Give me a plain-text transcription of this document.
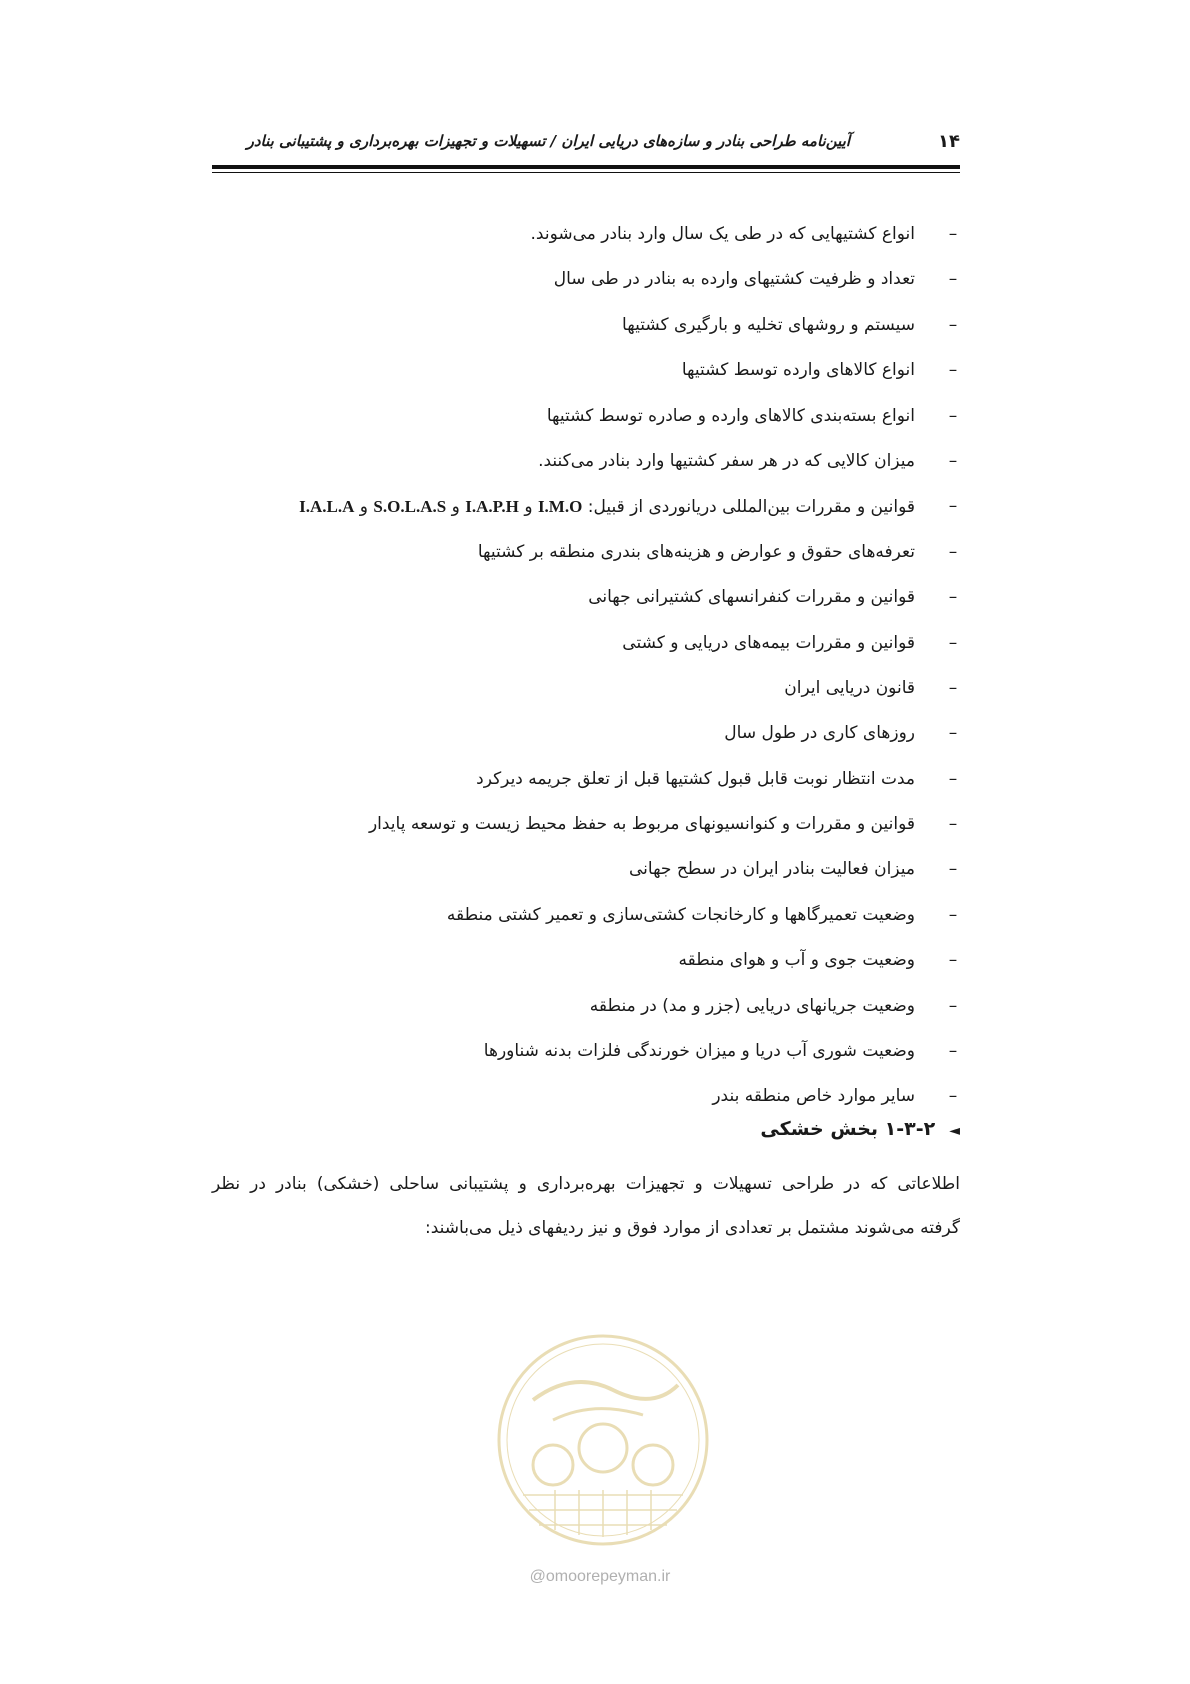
آیین‌نامه طراحی بنادر و سازه‌های دریایی ایران / تسهیلات و تجهیزات بهره‌برداری و پشتیبانی بنادر	۱۴
–
انواع کشتیهایی که در طی یک سال وارد بنادر می‌شوند.
–
تعداد و ظرفیت کشتیهای وارده به بنادر در طی سال
–
سیستم و روشهای تخلیه و بارگیری کشتیها
–
انواع کالاهای وارده توسط کشتیها
–
انواع بسته‌بندی کالاهای وارده و صادره توسط کشتیها
–
میزان کالایی که در هر سفر کشتیها وارد بنادر می‌کنند.
–
قوانین و مقررات بین‌المللی دریانوردی از قبیل: I.M.O و I.A.P.H و S.O.L.A.S و I.A.L.A
–
تعرفه‌های حقوق و عوارض و هزینه‌های بندری منطقه بر کشتیها
–
قوانین و مقررات کنفرانسهای کشتیرانی جهانی
–
قوانین و مقررات بیمه‌های دریایی و کشتی
–
قانون دریایی ایران
–
روزهای کاری در طول سال
–
مدت انتظار نوبت قابل قبول کشتیها قبل از تعلق جریمه دیرکرد
–
قوانین و مقررات و کنوانسیونهای مربوط به حفظ محیط زیست و توسعه پایدار
–
میزان فعالیت بنادر ایران در سطح جهانی
–
وضعیت تعمیرگاهها و کارخانجات کشتی‌سازی و تعمیر کشتی منطقه
–
وضعیت جوی و آب و هوای منطقه
–
وضعیت جریانهای دریایی (جزر و مد) در منطقه
–
وضعیت شوری آب دریا و میزان خورندگی فلزات بدنه شناورها
–
سایر موارد خاص منطقه بندر
◄۱-۳-۲ بخش خشکی
اطلاعاتی که در طراحی تسهیلات و تجهیزات بهره‌برداری و پشتیبانی ساحلی (خشکی) بنادر در نظر
گرفته می‌شوند مشتمل بر تعدادی از موارد فوق و نیز ردیفهای ذیل می‌باشند:
@omoorepeyman.ir
